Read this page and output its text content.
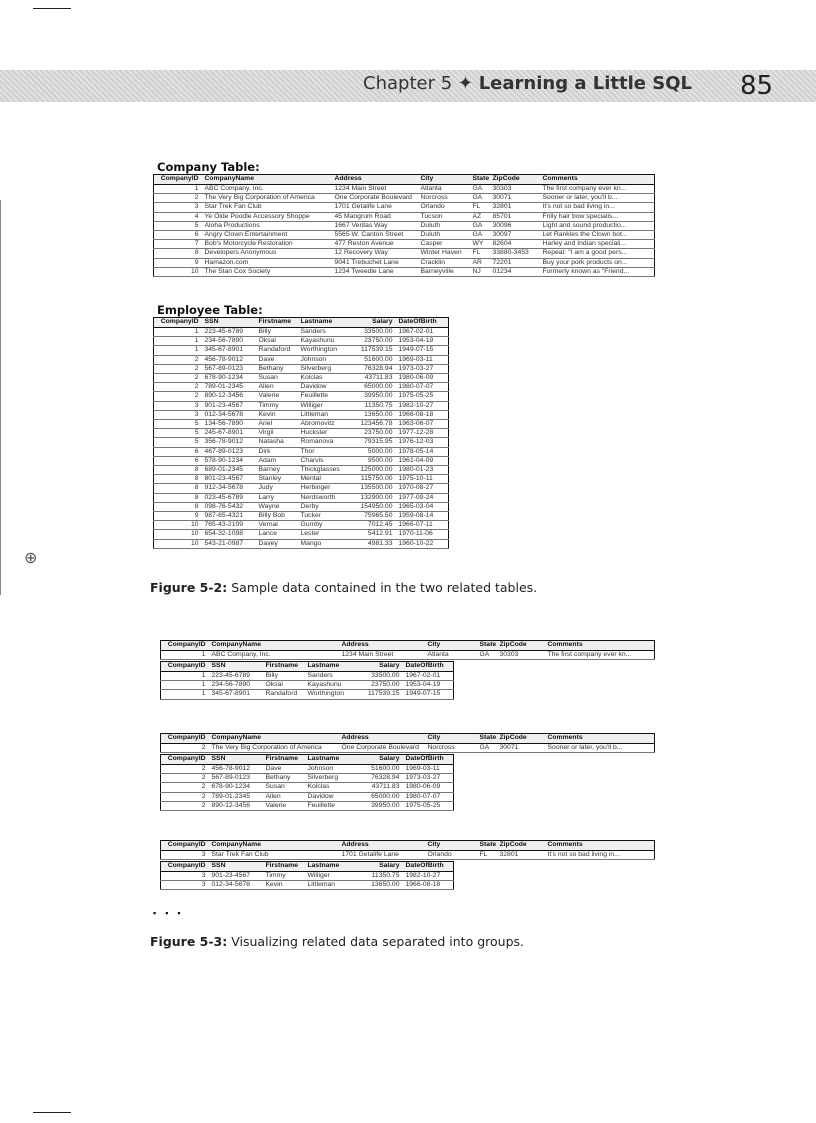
⊕
Chapter 5 ✦ Learning a Little SQL 85
Company Table:
CompanyID	CompanyName	Address	City	State	ZipCode	Comments
1	ABC Company, Inc.	1234 Main Street	Atlanta	GA	30303	The first company ever kn...
2	The Very Big Corporation of America	One Corporate Boulevard	Norcross	GA	30071	Sooner or later, you'll b...
3	Star Trek Fan Club	1701 Getalife Lane	Orlando	FL	32801	It's not so bad living in...
4	Ye Olde Poodle Accessory Shoppe	45 Mangrum Road	Tucson	AZ	85701	Frilly hair bow specialis...
5	Aloha Productions	1667 Veritas Way	Duluth	GA	30096	Light and sound productio...
6	Angry Clown Entertainment	5565 W. Canton Street	Duluth	GA	30097	Let Rankles the Clown bot...
7	Bob's Motorcycle Restoration	477 Reston Avenue	Casper	WY	82604	Harley and Indian speciali...
8	Developers Anonymous	12 Recovery Way	Winter Haven	FL	33880-3453	Repeat: "I am a good pers...
9	Hamazon.com	9041 Trebuchet Lane	Cracklin	AR	72201	Buy your pork products on...
10	The Stan Cox Society	1234 Tweedle Lane	Barneyville	NJ	01234	Formerly known as "Friend...
Employee Table:
CompanyID	SSN	Firstname	Lastname	Salary	DateOfBirth
1	223-45-6789	Billy	Sanders	33500.00	1967-02-01
1	234-56-7890	Oksal	Kayashunu	23750.00	1953-04-19
1	345-67-8901	Randaford	Worthington	117539.15	1949-07-15
2	456-78-9012	Dave	Johnson	51600.00	1969-03-11
2	567-89-0123	Bethany	Silverberg	76328.94	1973-03-27
2	678-90-1234	Susan	Kolclas	43711.83	1980-06-09
2	789-01-2345	Allen	Davidow	65000.00	1980-07-07
2	890-12-3456	Valerie	Feuillette	39950.00	1975-05-25
3	901-23-4567	Timmy	Williger	11350.75	1982-10-27
3	012-34-5678	Kevin	Littleman	13650.00	1966-08-18
5	134-56-7890	Ariel	Abromovitz	123456.78	1963-06-07
5	245-67-8901	Virgil	Huckster	23750.00	1977-12-28
5	356-78-9012	Natasha	Romanova	79315.95	1976-12-03
6	467-89-0123	Dirk	Thor	5000.00	1978-05-14
6	578-90-1234	Adam	Charvis	9500.00	1961-04-09
8	689-01-2345	Barney	Thickglasses	125000.00	1980-01-23
8	801-23-4567	Stanley	Mental	115750.00	1975-10-11
8	912-34-5678	Judy	Herbinger	135500.00	1970-08-27
8	023-45-6789	Larry	Nerdsworth	132900.00	1977-09-24
8	098-76-5432	Wayne	Derby	154950.00	1965-03-04
9	987-65-4321	Billy Bob	Tucker	75965.50	1959-08-14
10	765-43-2109	Vernal	Gumby	7012.45	1966-07-11
10	654-32-1098	Lance	Lester	5412.91	1970-11-06
10	543-21-0987	Davey	Mango	4981.33	1960-10-22
Figure 5-2: Sample data contained in the two related tables.
CompanyID	CompanyName	Address	City	State	ZipCode	Comments
1	ABC Company, Inc.	1234 Main Street	Atlanta	GA	30303	The first company ever kn...
CompanyID	SSN	Firstname	Lastname	Salary	DateOfBirth
1	223-45-6789	Billy	Sanders	33500.00	1967-02-01
1	234-56-7890	Oksal	Kayashunu	23750.00	1953-04-19
1	345-67-8901	Randaford	Worthington	117539.15	1949-07-15
CompanyID	CompanyName	Address	City	State	ZipCode	Comments
2	The Very Big Corporation of America	One Corporate Boulevard	Norcross	GA	30071	Sooner or later, you'll b...
CompanyID	SSN	Firstname	Lastname	Salary	DateOfBirth
2	456-78-9012	Dave	Johnson	51600.00	1969-03-11
2	567-89-0123	Bethany	Silverberg	76328.94	1973-03-27
2	678-90-1234	Susan	Kolclas	43711.83	1980-06-09
2	789-01-2345	Allen	Davidow	65000.00	1980-07-07
2	890-12-3456	Valerie	Feuillette	39950.00	1975-05-25
CompanyID	CompanyName	Address	City	State	ZipCode	Comments
3	Star Trek Fan Club	1701 Getalife Lane	Orlando	FL	32801	It's not so bad living in...
CompanyID	SSN	Firstname	Lastname	Salary	DateOfBirth
3	901-23-4567	Timmy	Williger	11350.75	1982-10-27
3	012-34-5678	Kevin	Littleman	13650.00	1966-08-18
▪▪▪
Figure 5-3: Visualizing related data separated into groups.
